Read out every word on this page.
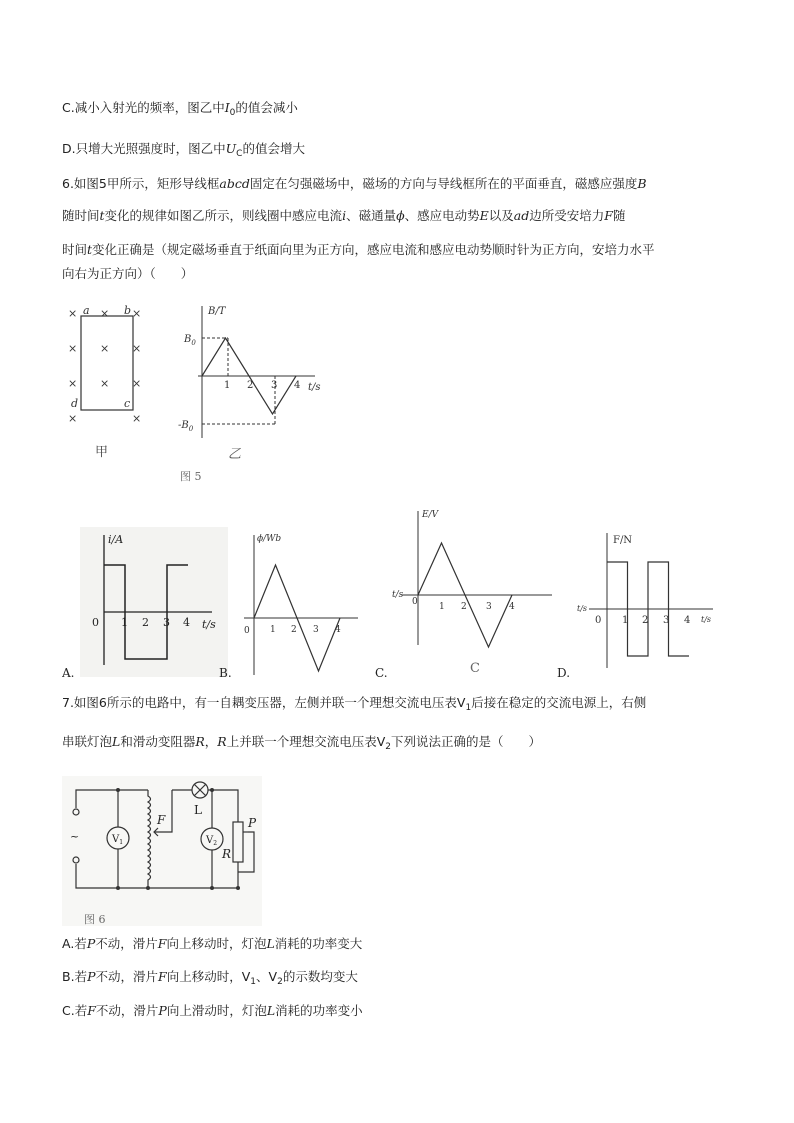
C.减小入射光的频率，图乙中$I_0$的值会减小
D.只增大光照强度时，图乙中$U_C$的值会增大
6.如图5甲所示，矩形导线框abcd固定在匀强磁场中，磁场的方向与导线框所在的平面垂直，磁感应强度B
随时间t变化的规律如图乙所示，则线圈中感应电流i、磁通量ϕ、感应电动势E以及ad边所受安培力F随
时间t变化正确是（规定磁场垂直于纸面向里为正方向，感应电流和感应电动势顺时针为正方向，安培力水平
向右为正方向）（　　）
× × ×
× × ×
× × ×
×	×
a	b
c
d
甲
B/T
t/s
$B_0$
$-B_0$
1 2 3 4
乙
图 5
i/A
t/s
0 1 2 3 4
A.
ϕ/Wb
0 1 2 3 4
B.
E/V
t/s
0 1 2 3 4
C
C.
F/N
t/s
0 1 2 3 4 t/s
D.
7.如图6所示的电路中，有一自耦变压器，左侧并联一个理想交流电压表$V_1$后接在稳定的交流电源上，右侧
串联灯泡L和滑动变阻器R，R上并联一个理想交流电压表$V_2$下列说法正确的是（　　）
~	$V_1$	$V_2$
F
L
R
P
图 6
A.若P不动，滑片F向上移动时，灯泡L消耗的功率变大
B.若P不动，滑片F向上移动时，$V_1$、$V_2$的示数均变大
C.若F不动，滑片P向上滑动时，灯泡L消耗的功率变小
